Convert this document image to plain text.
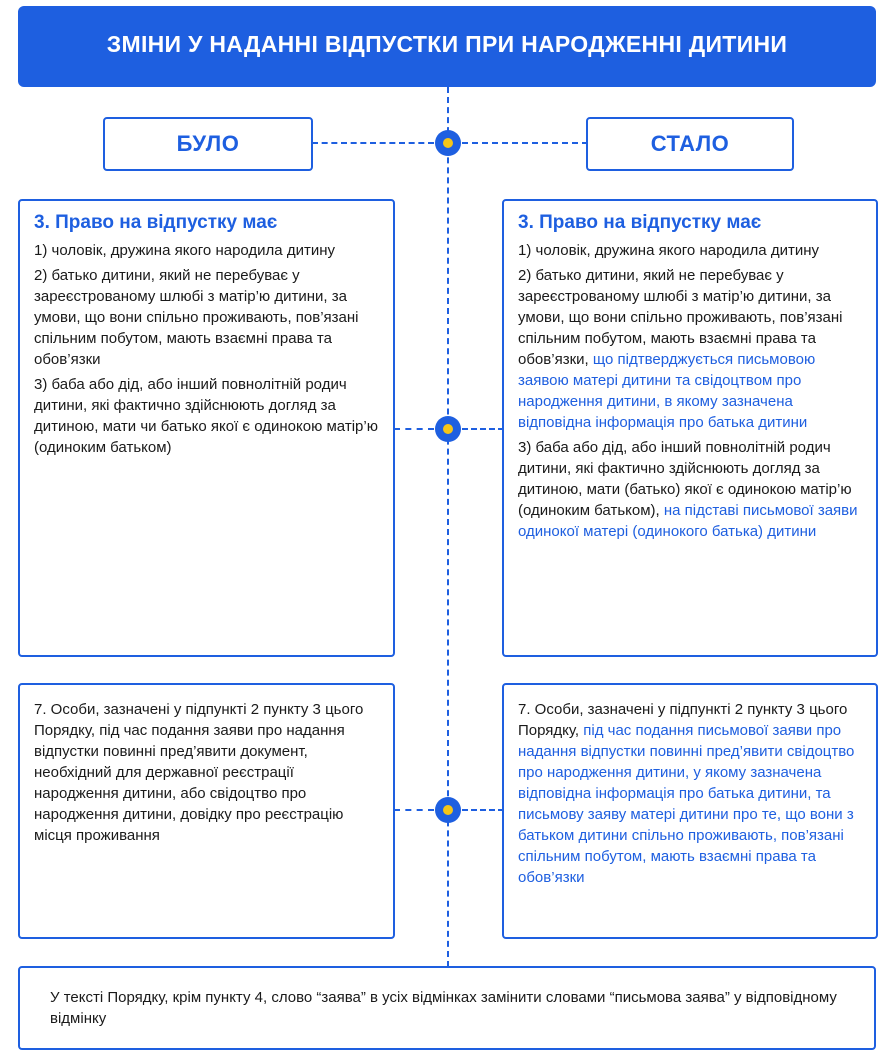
ЗМІНИ У НАДАННІ ВІДПУСТКИ ПРИ НАРОДЖЕННІ ДИТИНИ
БУЛО	СТАЛО
3. Право на відпустку має

1) чоловік, дружина якого народила дитину

2) батько дитини, який не перебуває у зареєстрованому шлюбі з матір’ю дитини, за умови, що вони спільно проживають, пов’язані спільним побутом, мають взаємні права та обов’язки

3) баба або дід, або інший повнолітній родич дитини, які фактично здійснюють догляд за дитиною, мати чи батько якої є одинокою матір’ю (одиноким батьком)

3. Право на відпустку має

1) чоловік, дружина якого народила дитину

2) батько дитини, який не перебуває у зареєстрованому шлюбі з матір’ю дитини, за умови, що вони спільно проживають, пов’язані спільним побутом, мають взаємні права та обов’язки, що підтверджується письмовою заявою матері дитини та свідоцтвом про народження дитини, в якому зазначена відповідна інформація про батька дитини

3) баба або дід, або інший повнолітній родич дитини, які фактично здійснюють догляд за дитиною, мати (батько) якої є одинокою матір’ю (одиноким батьком), на підставі письмової заяви одинокої матері (одинокого батька) дитини

7. Особи, зазначені у підпункті 2 пункту 3 цього Порядку, під час подання заяви про надання відпустки повинні пред’явити документ, необхідний для державної реєстрації народження дитини, або свідоцтво про народження дитини, довідку про реєстрацію місця проживання

7. Особи, зазначені у підпункті 2 пункту 3 цього Порядку, під час подання письмової заяви про надання відпустки повинні пред’явити свідоцтво про народження дитини, у якому зазначена відповідна інформація про батька дитини, та письмову заяву матері дитини про те, що вони з батьком дитини спільно проживають, пов’язані спільним побутом, мають взаємні права та обов’язки

У тексті Порядку, крім пункту 4, слово “заява” в усіх відмінках замінити словами “письмова заява” у відповідному відмінку
